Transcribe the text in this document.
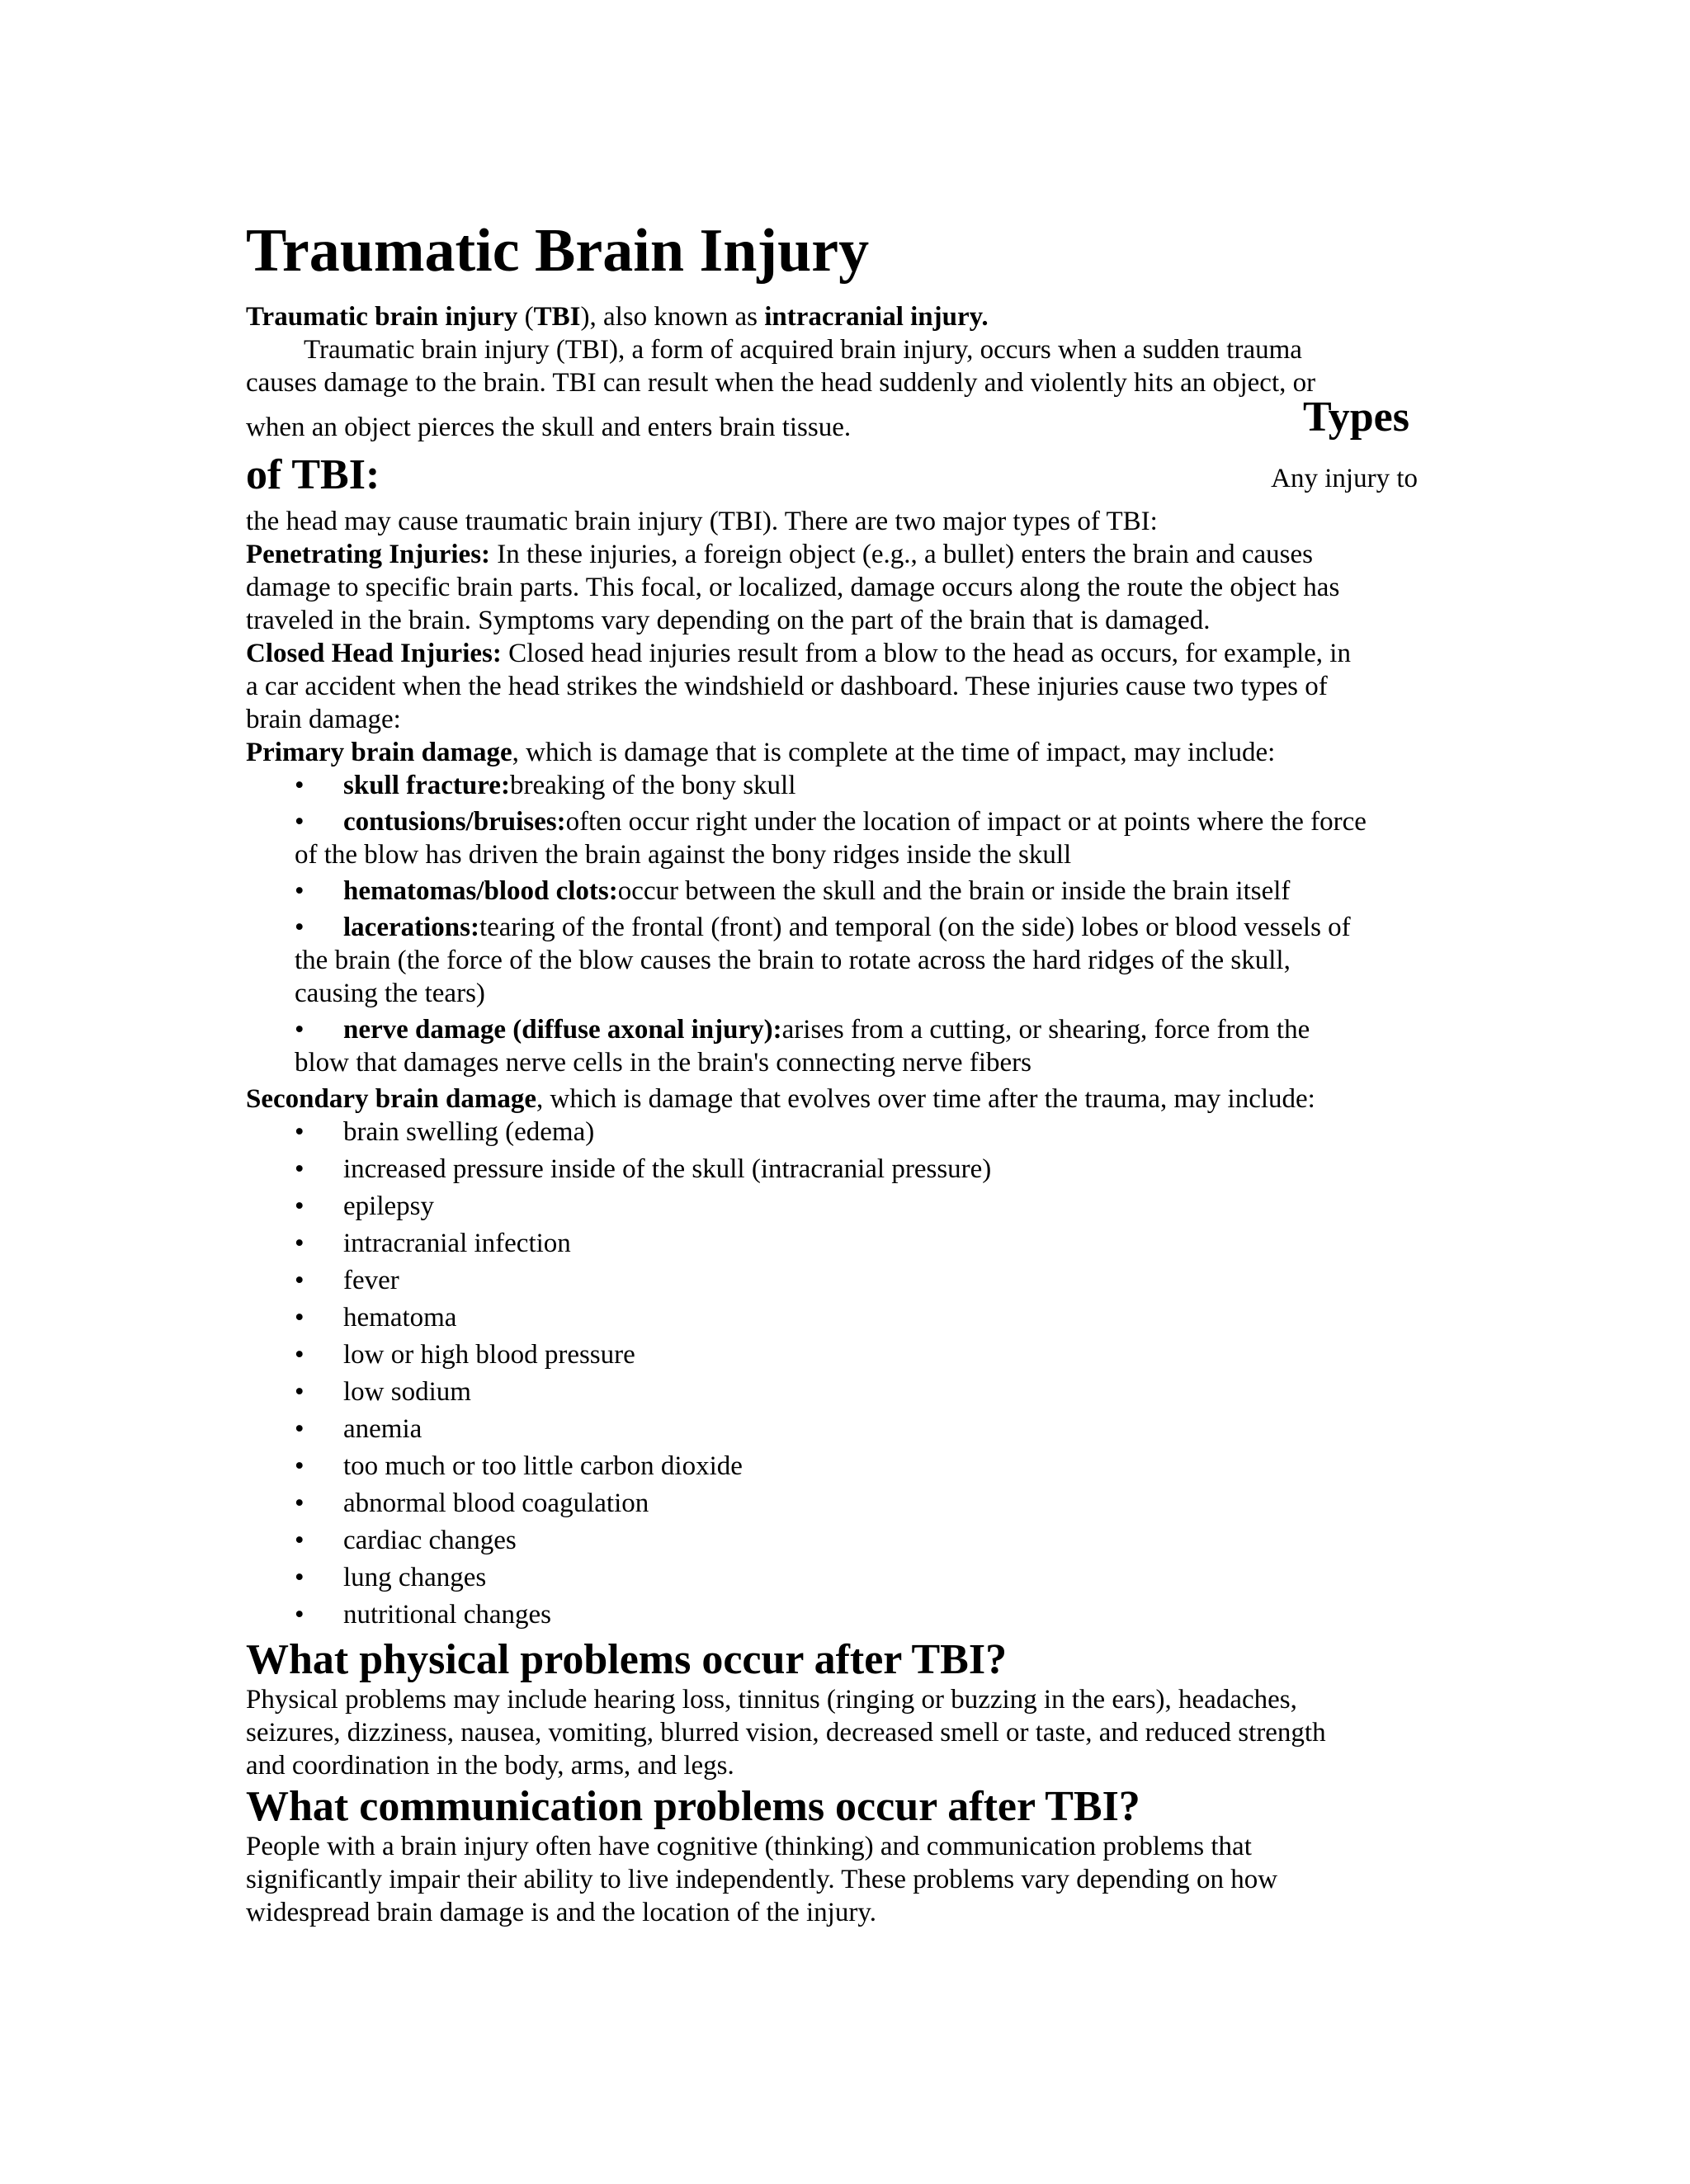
Traumatic Brain Injury
Traumatic brain injury (TBI), also known as intracranial injury.
Traumatic brain injury (TBI), a form of acquired brain injury, occurs when a sudden trauma
causes damage to the brain. TBI can result when the head suddenly and violently hits an object, or
when an object pierces the skull and enters brain tissue.	Types
of TBI:	Any injury to
the head may cause traumatic brain injury (TBI). There are two major types of TBI:
Penetrating Injuries: In these injuries, a foreign object (e.g., a bullet) enters the brain and causes
damage to specific brain parts. This focal, or localized, damage occurs along the route the object has
traveled in the brain. Symptoms vary depending on the part of the brain that is damaged.
Closed Head Injuries: Closed head injuries result from a blow to the head as occurs, for example, in
a car accident when the head strikes the windshield or dashboard. These injuries cause two types of
brain damage:
Primary brain damage, which is damage that is complete at the time of impact, may include:
•	skull fracture:breaking of the bony skull
•	contusions/bruises:often occur right under the location of impact or at points where the force
of the blow has driven the brain against the bony ridges inside the skull
•	hematomas/blood clots:occur between the skull and the brain or inside the brain itself
•	lacerations:tearing of the frontal (front) and temporal (on the side) lobes or blood vessels of
the brain (the force of the blow causes the brain to rotate across the hard ridges of the skull,
causing the tears)
•	nerve damage (diffuse axonal injury):arises from a cutting, or shearing, force from the
blow that damages nerve cells in the brain's connecting nerve fibers
Secondary brain damage, which is damage that evolves over time after the trauma, may include:
• brain swelling (edema)
• increased pressure inside of the skull (intracranial pressure)
• epilepsy
• intracranial infection
• fever
• hematoma
• low or high blood pressure
• low sodium
• anemia
• too much or too little carbon dioxide
• abnormal blood coagulation
• cardiac changes
• lung changes
• nutritional changes
What physical problems occur after TBI?
Physical problems may include hearing loss, tinnitus (ringing or buzzing in the ears), headaches,
seizures, dizziness, nausea, vomiting, blurred vision, decreased smell or taste, and reduced strength
and coordination in the body, arms, and legs.
What communication problems occur after TBI?
People with a brain injury often have cognitive (thinking) and communication problems that
significantly impair their ability to live independently. These problems vary depending on how
widespread brain damage is and the location of the injury.
